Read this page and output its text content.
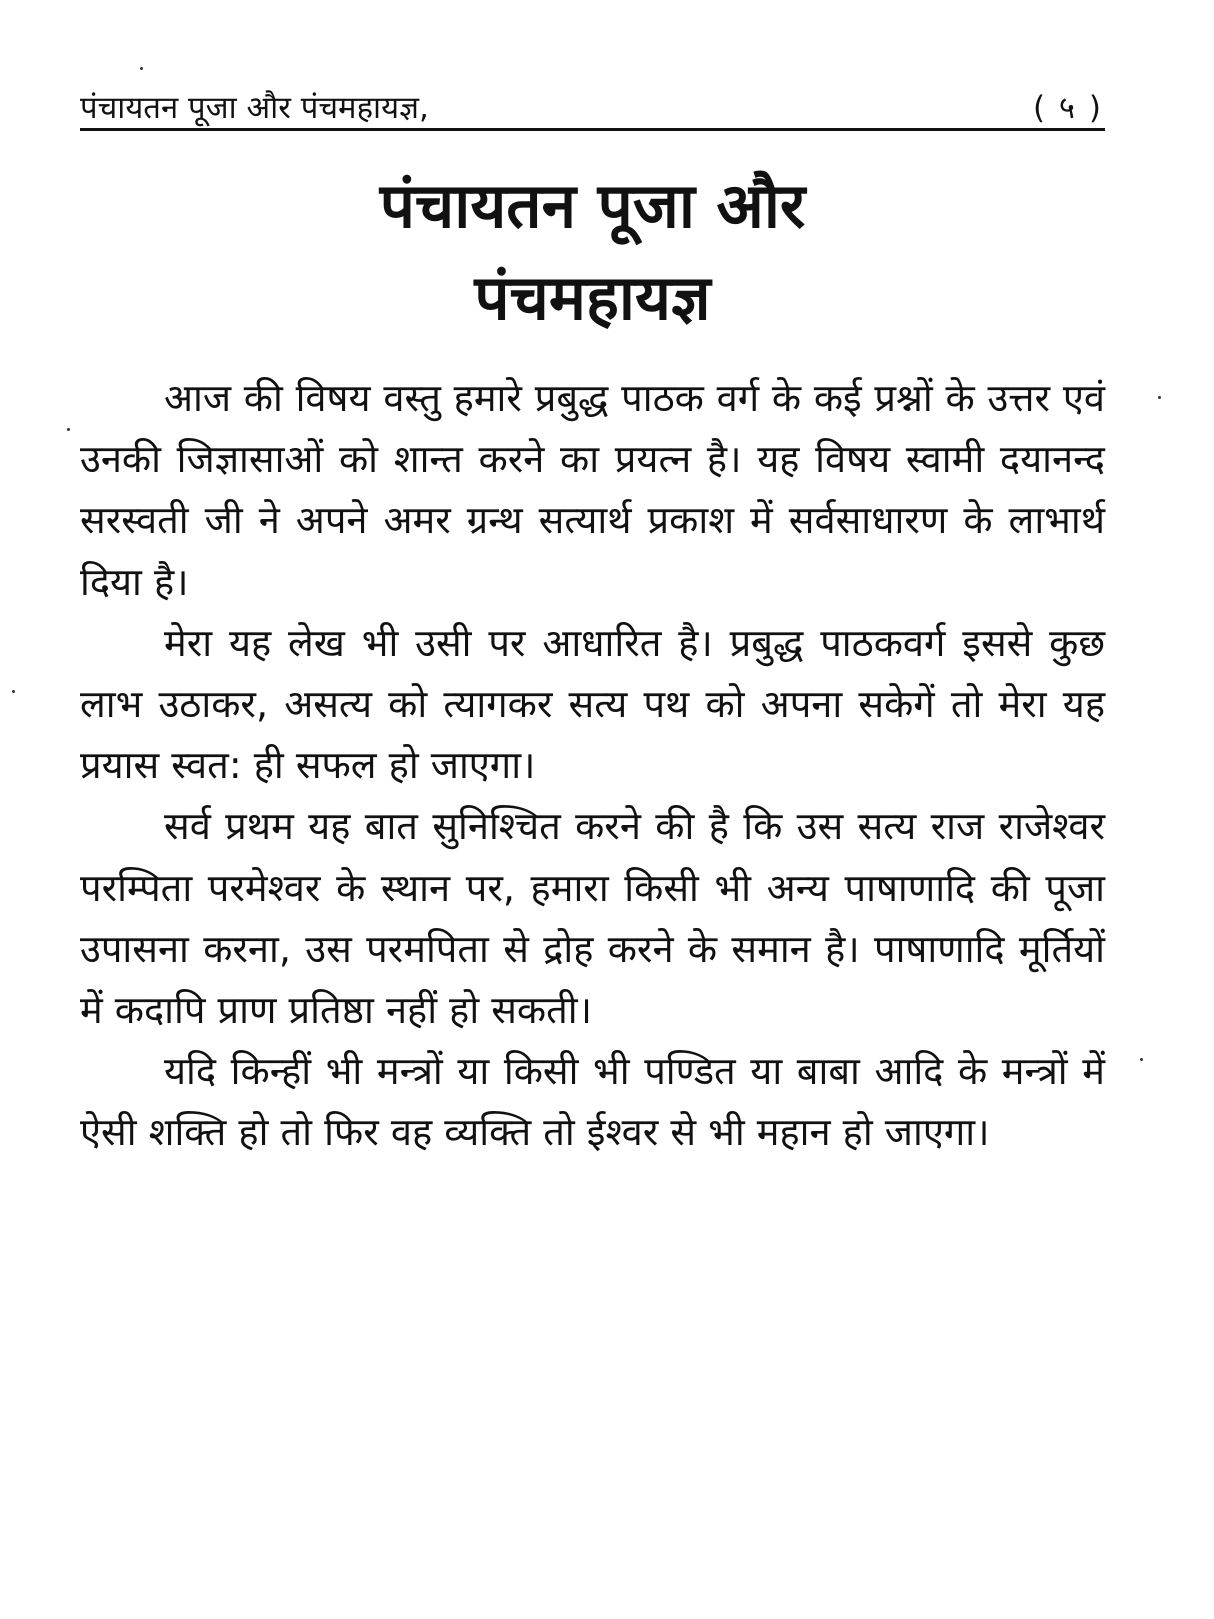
पंचायतन पूजा और पंचमहायज्ञ,	( ५ )
पंचायतन पूजा और
पंचमहायज्ञ

आज की विषय वस्तु हमारे प्रबुद्ध पाठक वर्ग के कई प्रश्नों के उत्तर एवं उनकी जिज्ञासाओं को शान्त करने का प्रयत्न है। यह विषय स्वामी दयानन्द सरस्वती जी ने अपने अमर ग्रन्थ सत्यार्थ प्रकाश में सर्वसाधारण के लाभार्थ दिया है।

मेरा यह लेख भी उसी पर आधारित है। प्रबुद्ध पाठकवर्ग इससे कुछ लाभ उठाकर, असत्य को त्यागकर सत्य पथ को अपना सकेगें तो मेरा यह प्रयास स्वत: ही सफल हो जाएगा।

सर्व प्रथम यह बात सुनिश्चित करने की है कि उस सत्य राज राजेश्वर परम्पिता परमेश्वर के स्थान पर, हमारा किसी भी अन्य पाषाणादि की पूजा उपासना करना, उस परमपिता से द्रोह करने के समान है। पाषाणादि मूर्तियों में कदापि प्राण प्रतिष्ठा नहीं हो सकती।

यदि किन्हीं भी मन्त्रों या किसी भी पण्डित या बाबा आदि के मन्त्रों में ऐसी शक्ति हो तो फिर वह व्यक्ति तो ईश्वर से भी महान हो जाएगा।
